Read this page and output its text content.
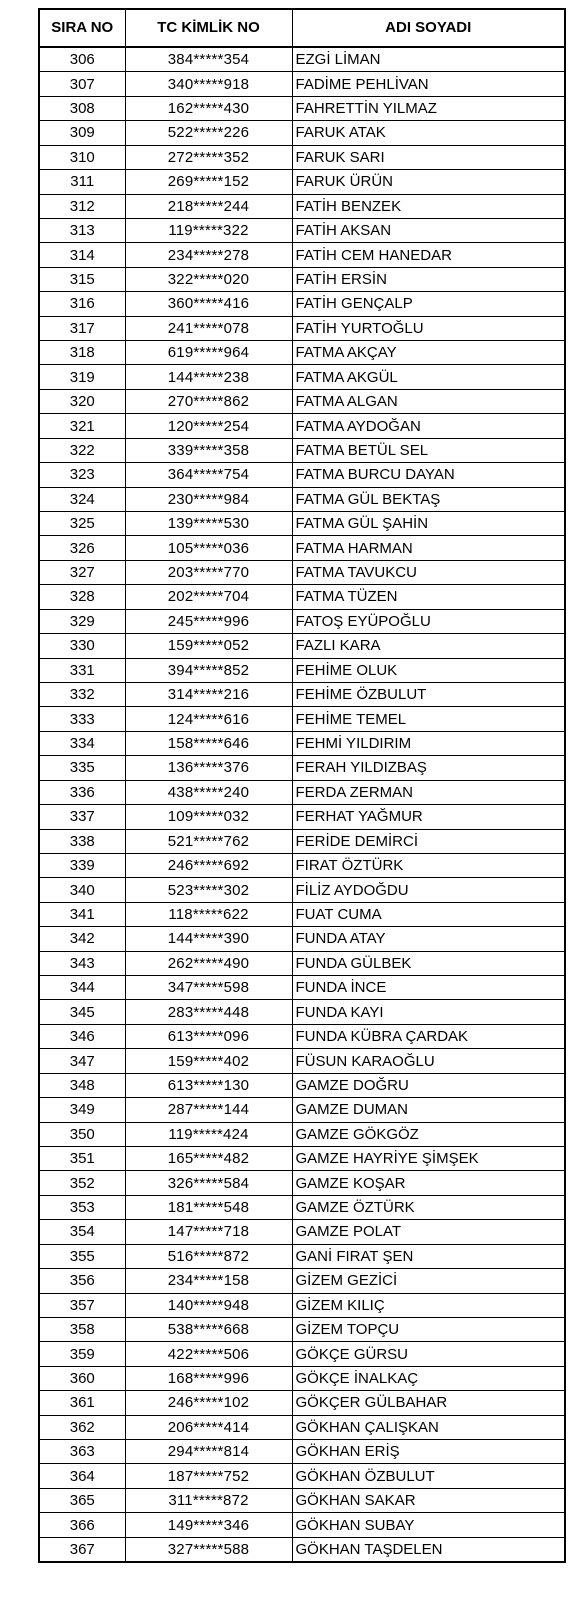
SIRA NO	TC KİMLİK NO	ADI SOYADI
306	384*****354	EZGİ LİMAN
307	340*****918	FADİME PEHLİVAN
308	162*****430	FAHRETTİN YILMAZ
309	522*****226	FARUK ATAK
310	272*****352	FARUK SARI
311	269*****152	FARUK ÜRÜN
312	218*****244	FATİH BENZEK
313	119*****322	FATİH AKSAN
314	234*****278	FATİH CEM HANEDAR
315	322*****020	FATİH ERSİN
316	360*****416	FATİH GENÇALP
317	241*****078	FATİH YURTOĞLU
318	619*****964	FATMA AKÇAY
319	144*****238	FATMA AKGÜL
320	270*****862	FATMA ALGAN
321	120*****254	FATMA AYDOĞAN
322	339*****358	FATMA BETÜL SEL
323	364*****754	FATMA BURCU DAYAN
324	230*****984	FATMA GÜL BEKTAŞ
325	139*****530	FATMA GÜL ŞAHİN
326	105*****036	FATMA HARMAN
327	203*****770	FATMA TAVUKCU
328	202*****704	FATMA TÜZEN
329	245*****996	FATOŞ EYÜPOĞLU
330	159*****052	FAZLI KARA
331	394*****852	FEHİME OLUK
332	314*****216	FEHİME ÖZBULUT
333	124*****616	FEHİME TEMEL
334	158*****646	FEHMİ YILDIRIM
335	136*****376	FERAH YILDIZBAŞ
336	438*****240	FERDA ZERMAN
337	109*****032	FERHAT YAĞMUR
338	521*****762	FERİDE DEMİRCİ
339	246*****692	FIRAT ÖZTÜRK
340	523*****302	FİLİZ AYDOĞDU
341	118*****622	FUAT CUMA
342	144*****390	FUNDA ATAY
343	262*****490	FUNDA GÜLBEK
344	347*****598	FUNDA İNCE
345	283*****448	FUNDA KAYI
346	613*****096	FUNDA KÜBRA ÇARDAK
347	159*****402	FÜSUN KARAOĞLU
348	613*****130	GAMZE DOĞRU
349	287*****144	GAMZE DUMAN
350	119*****424	GAMZE GÖKGÖZ
351	165*****482	GAMZE HAYRİYE ŞİMŞEK
352	326*****584	GAMZE KOŞAR
353	181*****548	GAMZE ÖZTÜRK
354	147*****718	GAMZE POLAT
355	516*****872	GANİ FIRAT ŞEN
356	234*****158	GİZEM GEZİCİ
357	140*****948	GİZEM KILIÇ
358	538*****668	GİZEM TOPÇU
359	422*****506	GÖKÇE GÜRSU
360	168*****996	GÖKÇE İNALKAÇ
361	246*****102	GÖKÇER GÜLBAHAR
362	206*****414	GÖKHAN ÇALIŞKAN
363	294*****814	GÖKHAN ERİŞ
364	187*****752	GÖKHAN ÖZBULUT
365	311*****872	GÖKHAN SAKAR
366	149*****346	GÖKHAN SUBAY
367	327*****588	GÖKHAN TAŞDELEN
